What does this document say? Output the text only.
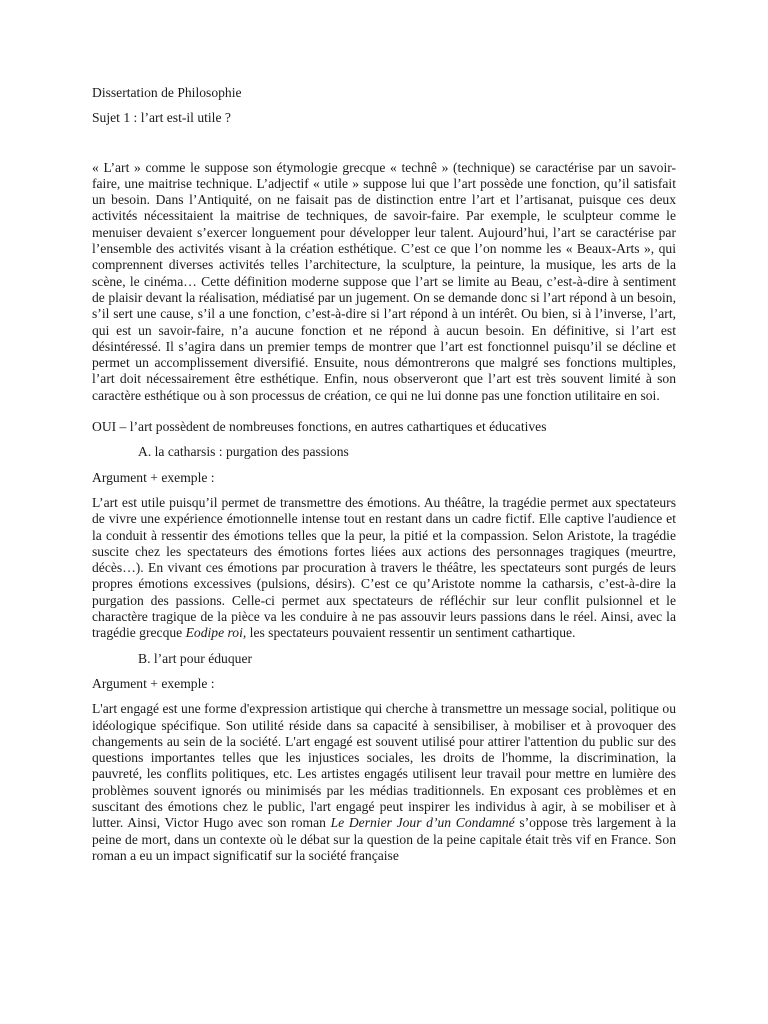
Dissertation de Philosophie

Sujet 1 : l’art est-il utile ?

« L’art » comme le suppose son étymologie grecque « technê » (technique) se caractérise par un savoir-faire, une maitrise technique. L’adjectif « utile » suppose lui que l’art possède une fonction, qu’il satisfait un besoin. Dans l’Antiquité, on ne faisait pas de distinction entre l’art et l’artisanat, puisque ces deux activités nécessitaient la maitrise de techniques, de savoir-faire. Par exemple, le sculpteur comme le menuiser devaient s’exercer longuement pour développer leur talent. Aujourd’hui, l’art se caractérise par l’ensemble des activités visant à la création esthétique. C’est ce que l’on nomme les « Beaux-Arts », qui comprennent diverses activités telles l’architecture, la sculpture, la peinture, la musique, les arts de la scène, le cinéma… Cette définition moderne suppose que l’art se limite au Beau, c’est-à-dire à sentiment de plaisir devant la réalisation, médiatisé par un jugement. On se demande donc si l’art répond à un besoin, s’il sert une cause, s’il a une fonction, c’est-à-dire si l’art répond à un intérêt. Ou bien, si à l’inverse, l’art, qui est un savoir-faire, n’a aucune fonction et ne répond à aucun besoin. En définitive, si l’art est désintéressé. Il s’agira dans un premier temps de montrer que l’art est fonctionnel puisqu’il se décline et permet un accomplissement diversifié. Ensuite, nous démontrerons que malgré ses fonctions multiples, l’art doit nécessairement être esthétique. Enfin, nous observeront que l’art est très souvent limité à son caractère esthétique ou à son processus de création, ce qui ne lui donne pas une fonction utilitaire en soi.

OUI – l’art possèdent de nombreuses fonctions, en autres cathartiques et éducatives

A. la catharsis : purgation des passions

Argument + exemple :

L’art est utile puisqu’il permet de transmettre des émotions. Au théâtre, la tragédie permet aux spectateurs de vivre une expérience émotionnelle intense tout en restant dans un cadre fictif. Elle captive l'audience et la conduit à ressentir des émotions telles que la peur, la pitié et la compassion. Selon Aristote, la tragédie suscite chez les spectateurs des émotions fortes liées aux actions des personnages tragiques (meurtre, décès…). En vivant ces émotions par procuration à travers le théâtre, les spectateurs sont purgés de leurs propres émotions excessives (pulsions, désirs). C’est ce qu’Aristote nomme la catharsis, c’est-à-dire la purgation des passions. Celle-ci permet aux spectateurs de réfléchir sur leur conflit pulsionnel et le charactère tragique de la pièce va les conduire à ne pas assouvir leurs passions dans le réel. Ainsi, avec la tragédie grecque Eodipe roi, les spectateurs pouvaient ressentir un sentiment cathartique.

B. l’art pour éduquer

Argument + exemple :

L'art engagé est une forme d'expression artistique qui cherche à transmettre un message social, politique ou idéologique spécifique. Son utilité réside dans sa capacité à sensibiliser, à mobiliser et à provoquer des changements au sein de la société. L'art engagé est souvent utilisé pour attirer l'attention du public sur des questions importantes telles que les injustices sociales, les droits de l'homme, la discrimination, la pauvreté, les conflits politiques, etc. Les artistes engagés utilisent leur travail pour mettre en lumière des problèmes souvent ignorés ou minimisés par les médias traditionnels. En exposant ces problèmes et en suscitant des émotions chez le public, l'art engagé peut inspirer les individus à agir, à se mobiliser et à lutter. Ainsi, Victor Hugo avec son roman Le Dernier Jour d’un Condamné s’oppose très largement à la peine de mort, dans un contexte où le débat sur la question de la peine capitale était très vif en France. Son roman a eu un impact significatif sur la société française
